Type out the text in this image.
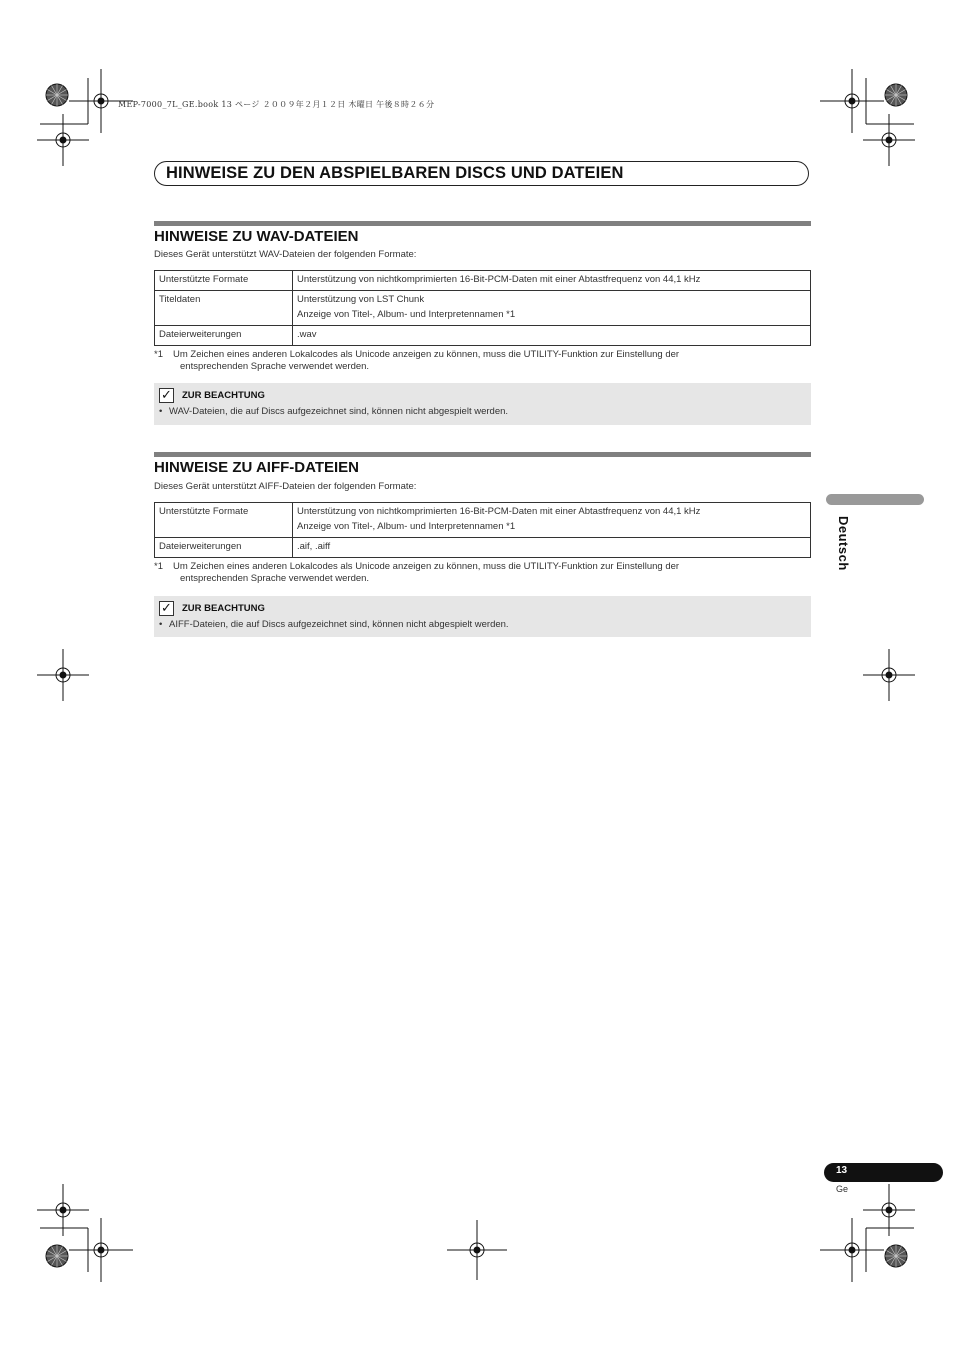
MEP-7000_7L_GE.book 13 ページ ２００９年２月１２日 木曜日 午後８時２６分
HINWEISE ZU DEN ABSPIELBAREN DISCS UND DATEIEN
HINWEISE ZU WAV-DATEIEN
Dieses Gerät unterstützt WAV-Dateien der folgenden Formate:
Unterstützte Formate	Unterstützung von nichtkomprimierten 16-Bit-PCM-Daten mit einer Abtastfrequenz von 44,1 kHz

Titeldaten	Unterstützung von LST Chunk
Anzeige von Titel-, Album- und Interpretennamen *1

Dateierweiterungen	.wav
*1 Um Zeichen eines anderen Lokalcodes als Unicode anzeigen zu können, muss die UTILITY-Funktion zur Einstellung der
entsprechenden Sprache verwendet werden.
✓ ZUR BEACHTUNG
• WAV-Dateien, die auf Discs aufgezeichnet sind, können nicht abgespielt werden.
HINWEISE ZU AIFF-DATEIEN
Dieses Gerät unterstützt AIFF-Dateien der folgenden Formate:
Unterstützte Formate	Unterstützung von nichtkomprimierten 16-Bit-PCM-Daten mit einer Abtastfrequenz von 44,1 kHz
Anzeige von Titel-, Album- und Interpretennamen *1

Dateierweiterungen	.aif, .aiff
*1 Um Zeichen eines anderen Lokalcodes als Unicode anzeigen zu können, muss die UTILITY-Funktion zur Einstellung der
entsprechenden Sprache verwendet werden.
✓ ZUR BEACHTUNG
• AIFF-Dateien, die auf Discs aufgezeichnet sind, können nicht abgespielt werden.
Deutsch
13
Ge
